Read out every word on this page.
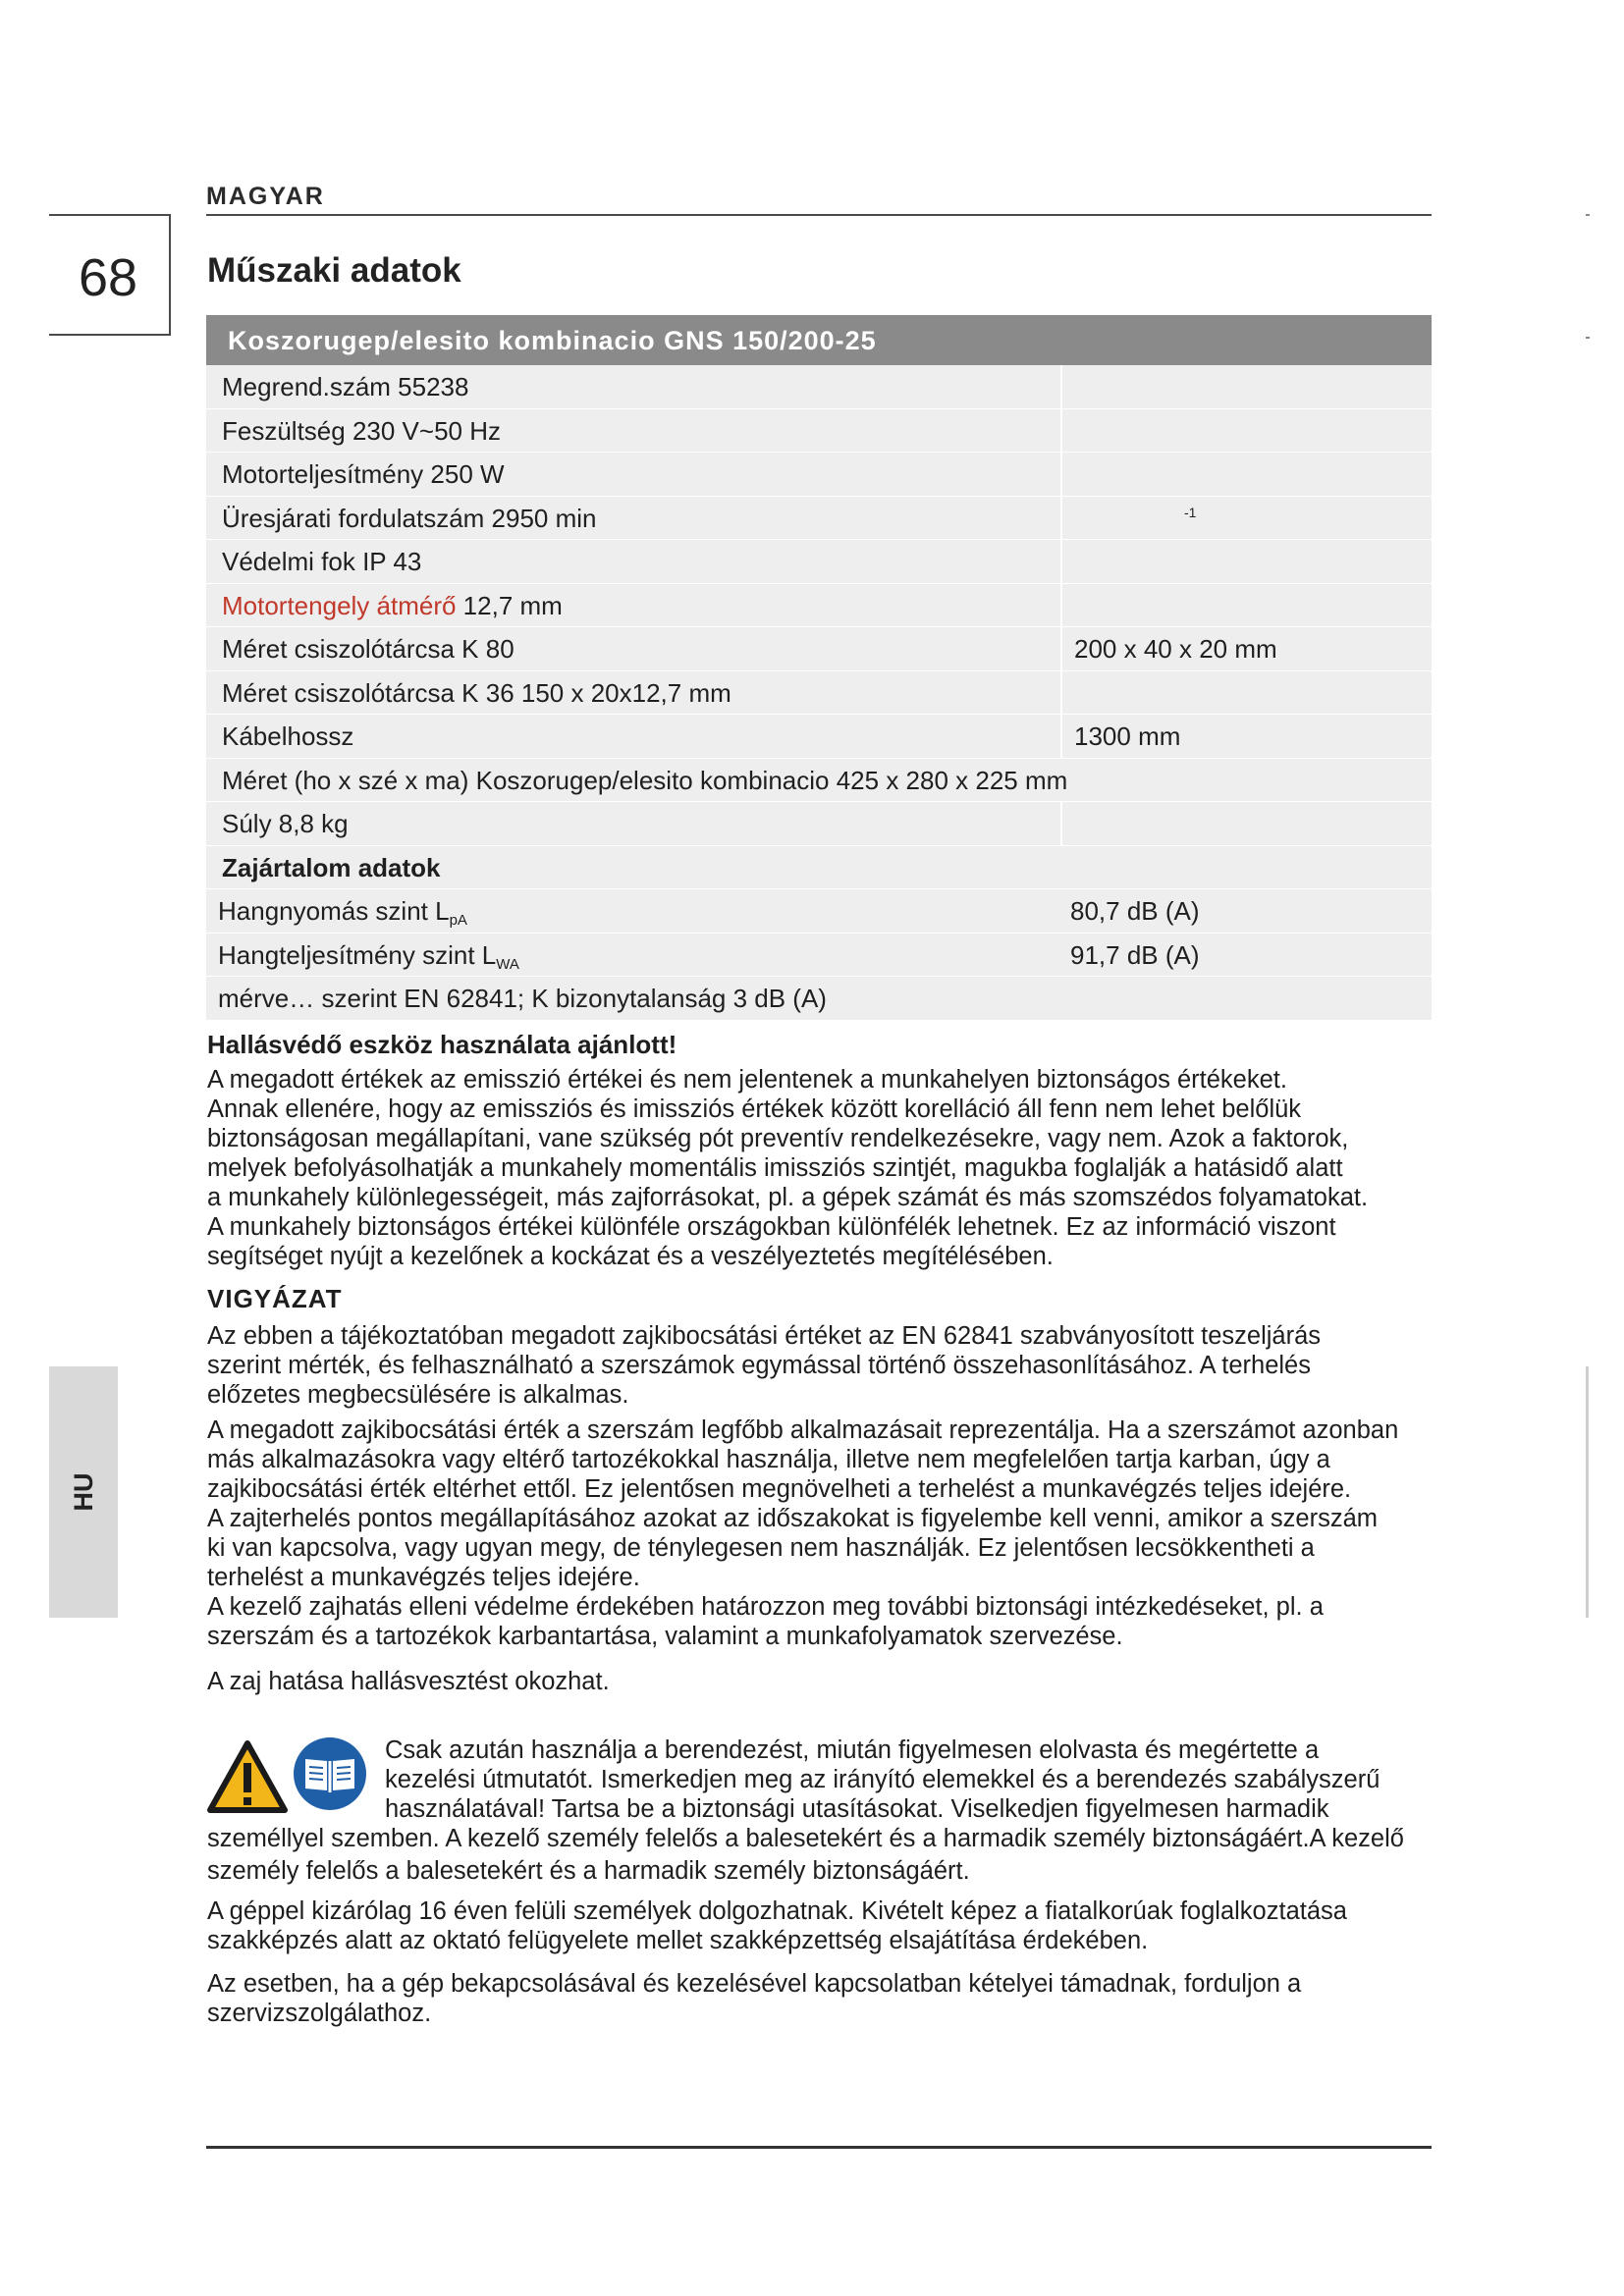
MAGYAR
68 Műszaki adatok
Koszorugep/elesito kombinacio GNS 150/200-25
Megrend.szám 55238
Feszültség 230 V~50 Hz
Motorteljesítmény 250 W
Üresjárati fordulatszám 2950 min	-1
Védelmi fok IP 43
Motortengely átmérő 12,7 mm
Méret csiszolótárcsa K 80	200 x 40 x 20 mm
Méret csiszolótárcsa K 36 150 x 20x12,7 mm
Kábelhossz	1300 mm
Méret (ho x szé x ma) Koszorugep/elesito kombinacio 425 x 280 x 225 mm
Súly 8,8 kg
Zajártalom adatok
Hangnyomás szint $L_{pA}$	80,7 dB (A)
Hangteljesítmény szint $L_{WA}$	91,7 dB (A)
mérve… szerint EN 62841; K bizonytalanság 3 dB (A)
Hallásvédő eszköz használata ajánlott!
A megadott értékek az emisszió értékei és nem jelentenek a munkahelyen biztonságos értékeket.
Annak ellenére, hogy az emissziós és imissziós értékek között korelláció áll fenn nem lehet belőlük
biztonságosan megállapítani, vane szükség pót preventív rendelkezésekre, vagy nem. Azok a faktorok,
melyek befolyásolhatják a munkahely momentális imissziós szintjét, magukba foglalják a hatásidő alatt
a munkahely különlegességeit, más zajforrásokat, pl. a gépek számát és más szomszédos folyamatokat.
A munkahely biztonságos értékei különféle országokban különfélék lehetnek. Ez az információ viszont
segítséget nyújt a kezelőnek a kockázat és a veszélyeztetés megítélésében.
VIGYÁZAT
Az ebben a tájékoztatóban megadott zajkibocsátási értéket az EN 62841 szabványosított teszeljárás
szerint mérték, és felhasználható a szerszámok egymással történő összehasonlításához. A terhelés
előzetes megbecsülésére is alkalmas.
A megadott zajkibocsátási érték a szerszám legfőbb alkalmazásait reprezentálja. Ha a szerszámot azonban
más alkalmazásokra vagy eltérő tartozékokkal használja, illetve nem megfelelően tartja karban, úgy a
zajkibocsátási érték eltérhet ettől. Ez jelentősen megnövelheti a terhelést a munkavégzés teljes idejére.
A zajterhelés pontos megállapításához azokat az időszakokat is figyelembe kell venni, amikor a szerszám
ki van kapcsolva, vagy ugyan megy, de ténylegesen nem használják. Ez jelentősen lecsökkentheti a
terhelést a munkavégzés teljes idejére.
A kezelő zajhatás elleni védelme érdekében határozzon meg további biztonsági intézkedéseket, pl. a
szerszám és a tartozékok karbantartása, valamint a munkafolyamatok szervezése.
A zaj hatása hallásvesztést okozhat.
Csak azután használja a berendezést, miután figyelmesen elolvasta és megértette a
kezelési útmutatót. Ismerkedjen meg az irányító elemekkel és a berendezés szabályszerű
használatával! Tartsa be a biztonsági utasításokat. Viselkedjen figyelmesen harmadik
személlyel szemben. A kezelő személy felelős a balesetekért és a harmadik személy biztonságáért.A kezelő
személy felelős a balesetekért és a harmadik személy biztonságáért.
A géppel kizárólag 16 éven felüli személyek dolgozhatnak. Kivételt képez a fiatalkorúak foglalkoztatása
szakképzés alatt az oktató felügyelete mellet szakképzettség elsajátítása érdekében.
Az esetben, ha a gép bekapcsolásával és kezelésével kapcsolatban kételyei támadnak, forduljon a
szervizszolgálathoz.
HU
